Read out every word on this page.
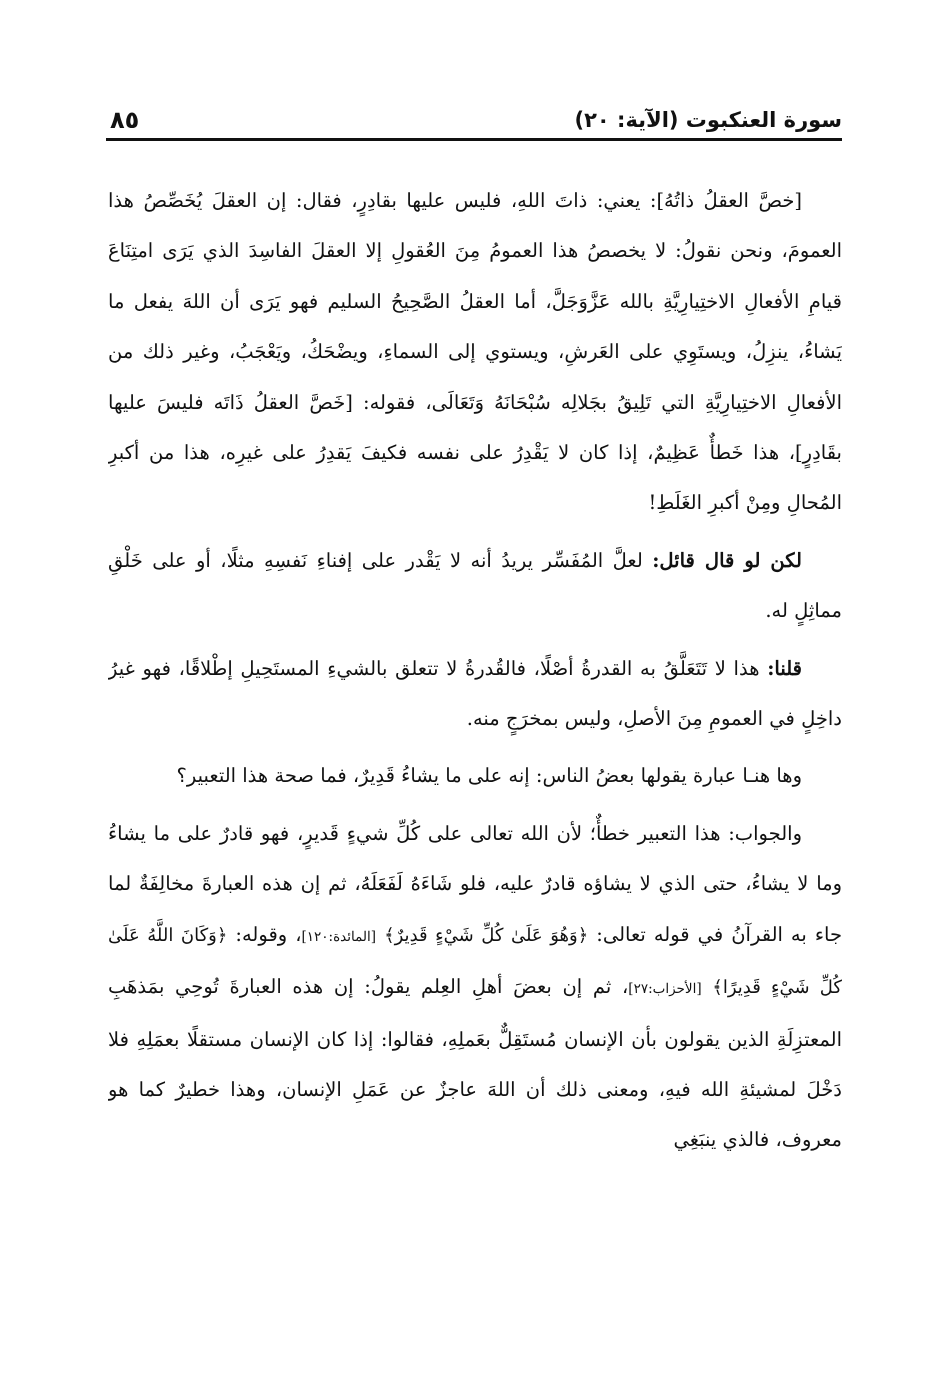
سورة العنكبوت (الآية: ٢٠)
٨٥

[خصَّ العقلُ ذاتُهُ]: يعني: ذاتَ اللهِ، فليس عليها بقادِرٍ، فقال: إن العقلَ يُخَصِّصُ هذا العمومَ، ونحن نقولُ: لا يخصصُ هذا العمومُ مِنَ العُقولِ إلا العقلَ الفاسِدَ الذي يَرَى امتِنَاعَ قيامِ الأفعالِ الاختِيارِيَّةِ بالله عَزَّوَجَلَّ، أما العقلُ الصَّحِيحُ السليم فهو يَرَى أن اللهَ يفعل ما يَشاءُ، ينزِلُ، ويستَوِي على العَرشِ، ويستوي إلى السماءِ، ويضْحَكُ، ويَعْجَبُ، وغير ذلك من الأفعالِ الاختِيارِيَّةِ التي تَلِيقُ بجَلالِه سُبْحَانَهُ وَتَعَالَى، فقوله: [خَصَّ العقلُ ذَاتَه فليسَ عليها بقَادِرٍ]، هذا خَطأٌ عَظِيمٌ، إذا كان لا يَقْدِرُ على نفسه فكيفَ يَقدِرُ على غيرِه، هذا من أكبرِ المُحالِ ومِنْ أكبرِ الغَلَطِ!

لكن لو قال قائل: لعلَّ المُفَسِّر يريدُ أنه لا يَقْدر على إفناءِ نَفسِهِ مثلًا، أو على خَلْقِ مماثِلٍ له.

قلنا: هذا لا تَتَعَلَّقُ به القدرةُ أصْلًا، فالقُدرةُ لا تتعلق بالشيءِ المستَحِيلِ إطْلاقًا، فهو غيرُ داخِلٍ في العمومِ مِنَ الأصلِ، وليس بمخرَجٍ منه.

وها هنـا عبارة يقولها بعضُ الناس: إنه على ما يشاءُ قَدِيرٌ، فما صحة هذا التعبير؟

والجواب: هذا التعبير خطأٌ؛ لأن الله تعالى على كُلِّ شيءٍ قَديرٍ، فهو قادرٌ على ما يشاءُ وما لا يشاءُ، حتى الذي لا يشاؤه قادرٌ عليه، فلو شَاءَهُ لَفَعَلَهُ، ثم إن هذه العبارةَ مخالِفَةٌ لما جاء به القرآنُ في قوله تعالى: ﴿وَهُوَ عَلَىٰ كُلِّ شَيْءٍ قَدِيرٌ﴾ [المائدة:١٢٠]، وقوله: ﴿وَكَانَ اللَّهُ عَلَىٰ كُلِّ شَيْءٍ قَدِيرًا﴾ [الأحزاب:٢٧]، ثم إن بعضَ أهلِ العِلم يقولُ: إن هذه العبارةَ تُوحِي بمَذهَبِ المعتزِلَةِ الذين يقولون بأن الإنسان مُستَقِلٌّ بعَملِهِ، فقالوا: إذا كان الإنسان مستقلًا بعمَلِهِ فلا دَخْلَ لمشيئةِ الله فيهِ، ومعنى ذلك أن اللهَ عاجزٌ عن عَمَلِ الإنسان، وهذا خطيرٌ كما هو معروف، فالذي ينبَغِي
